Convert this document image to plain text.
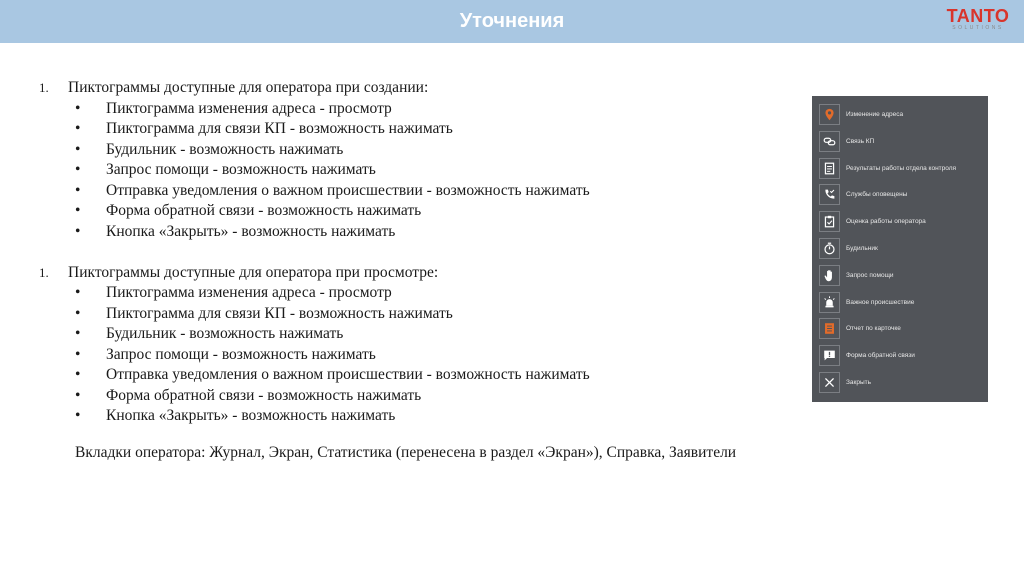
Уточнения	TANTO
SOLUTIONS
1. Пиктограммы доступные для оператора при создании:
• Пиктограмма изменения адреса - просмотр
• Пиктограмма для связи КП - возможность нажимать
• Будильник - возможность нажимать
• Запрос помощи - возможность нажимать
• Отправка уведомления о важном происшествии - возможность нажимать
• Форма обратной связи - возможность нажимать
• Кнопка «Закрыть» - возможность нажимать
1. Пиктограммы доступные для оператора при просмотре:
• Пиктограмма изменения адреса - просмотр
• Пиктограмма для связи КП - возможность нажимать
• Будильник - возможность нажимать
• Запрос помощи - возможность нажимать
• Отправка уведомления о важном происшествии - возможность нажимать
• Форма обратной связи - возможность нажимать
• Кнопка «Закрыть» - возможность нажимать
Вкладки оператора: Журнал, Экран, Статистика (перенесена в раздел «Экран»), Справка, Заявители
Изменение адреса
Связь КП
Результаты работы отдела контроля
Службы оповещены
Оценка работы оператора
Будильник
Запрос помощи
Важное происшествие
Отчет по карточке
Форма обратной связи
Закрыть
